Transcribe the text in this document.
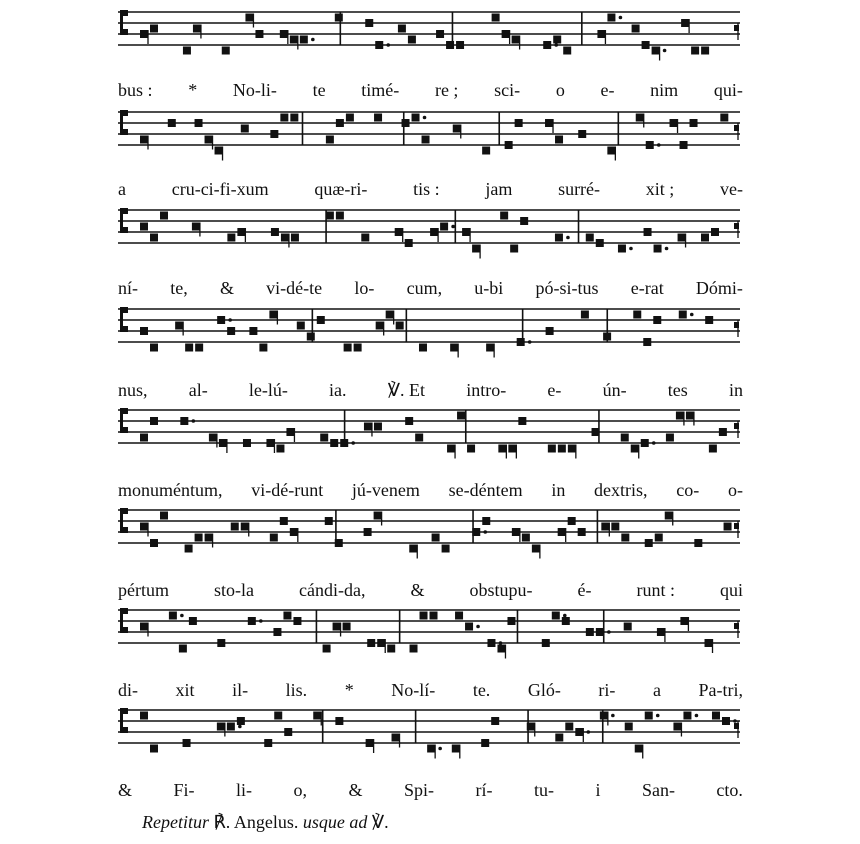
bus : * No-li- te timé- re ; sci- o e- nim qui-
a	cru-ci-fi-xum	quæ-ri-	tis :	jam	surré-	xit ;	ve-
ní- te, & vi-dé-te lo- cum, u-bi pó-si-tus e-rat Dómi-
nus, al- le-lú- ia. ℣. Et intro- e- ún- tes in
monuméntum, vi-dé-runt jú-venem se-déntem in dextris, co- o-
pértum	sto-la	cándi-da,	&	obstupu-	é-	runt :	qui
di- xit il- lis. * No-lí- te. Gló- ri- a Pa-tri,
& Fi- li- o, & Spi- rí- tu- i San- cto.
Repetitur ℟. Angelus. usque ad ℣.
